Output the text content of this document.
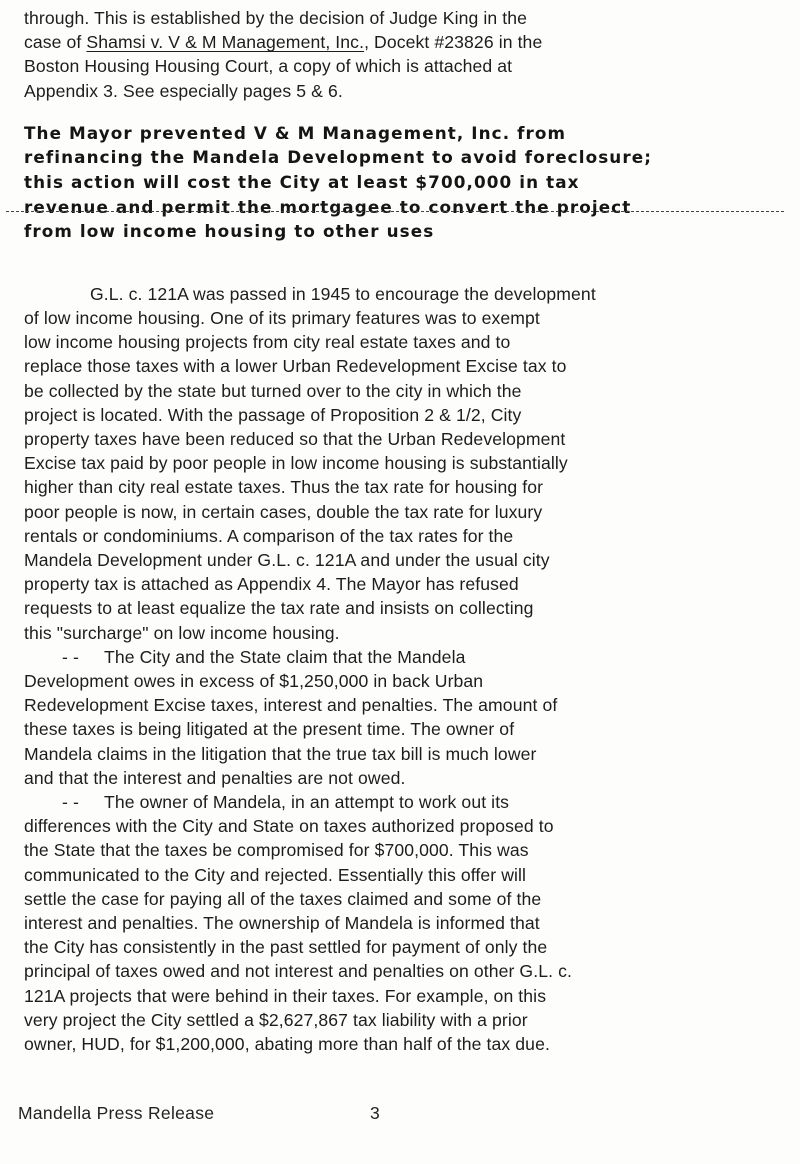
through. This is established by the decision of Judge King in the
case of Shamsi v. V & M Management, Inc., Docekt #23826 in the
Boston Housing Housing Court, a copy of which is attached at
Appendix 3. See especially pages 5 & 6.

The Mayor prevented V & M Management, Inc. from
refinancing the Mandela Development to avoid foreclosure;
this action will cost the City at least $700,000 in tax
revenue and permit the mortgagee to convert the project
from low income housing to other uses

G.L. c. 121A was passed in 1945 to encourage the development
of low income housing. One of its primary features was to exempt
low income housing projects from city real estate taxes and to
replace those taxes with a lower Urban Redevelopment Excise tax to
be collected by the state but turned over to the city in which the
project is located. With the passage of Proposition 2 & 1/2, City
property taxes have been reduced so that the Urban Redevelopment
Excise tax paid by poor people in low income housing is substantially
higher than city real estate taxes. Thus the tax rate for housing for
poor people is now, in certain cases, double the tax rate for luxury
rentals or condominiums. A comparison of the tax rates for the
Mandela Development under G.L. c. 121A and under the usual city
property tax is attached as Appendix 4. The Mayor has refused
requests to at least equalize the tax rate and insists on collecting
this "surcharge" on low income housing.

- - The City and the State claim that the Mandela
Development owes in excess of $1,250,000 in back Urban
Redevelopment Excise taxes, interest and penalties. The amount of
these taxes is being litigated at the present time. The owner of
Mandela claims in the litigation that the true tax bill is much lower
and that the interest and penalties are not owed.

- - The owner of Mandela, in an attempt to work out its
differences with the City and State on taxes authorized proposed to
the State that the taxes be compromised for $700,000. This was
communicated to the City and rejected. Essentially this offer will
settle the case for paying all of the taxes claimed and some of the
interest and penalties. The ownership of Mandela is informed that
the City has consistently in the past settled for payment of only the
principal of taxes owed and not interest and penalties on other G.L. c.
121A projects that were behind in their taxes. For example, on this
very project the City settled a $2,627,867 tax liability with a prior
owner, HUD, for $1,200,000, abating more than half of the tax due.

Mandella Press Release	3
